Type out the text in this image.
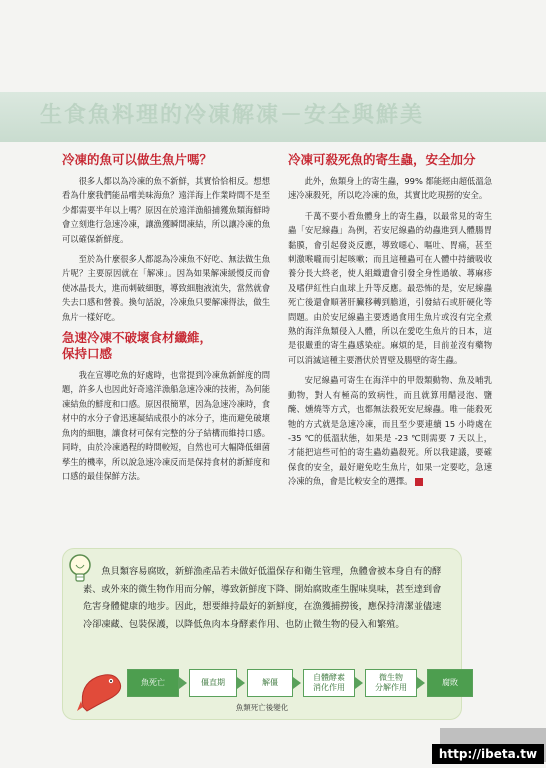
生食魚料理的冷凍解凍－安全與鮮美
冷凍的魚可以做生魚片嗎？

很多人都以為冷凍的魚不新鮮，其實恰恰相反。想想看為什麼我們能品嚐美味海魚？遠洋海上作業時間不是至少都需要半年以上嗎？原因在於遠洋漁船捕獲魚類海鮮時會立刻進行急速冷凍，讓漁獲瞬間凍結，所以讓冷凍的魚可以確保新鮮度。

至於為什麼很多人都認為冷凍魚不好吃、無法做生魚片呢？主要原因就在「解凍」。因為如果解凍緩慢反而會使冰晶長大，進而刺破細胞，導致細胞液流失，當然就會失去口感和營養。換句話說，冷凍魚只要解凍得法，做生魚片一樣好吃。

急速冷凍不破壞食材纖維，
保持口感

我在宣導吃魚的好處時，也常提到冷凍魚新鮮度的問題，許多人也因此好奇遠洋漁船急速冷凍的技術，為何能凍結魚的鮮度和口感。原因很簡單，因為急速冷凍時，食材中的水分子會迅速凝結成很小的冰分子，進而避免破壞魚肉的細胞，讓食材可保有完整的分子結構而維持口感。同時，由於冷凍過程的時間較短，自然也可大幅降低細菌孳生的機率，所以說急速冷凍反而是保持食材的新鮮度和口感的最佳保鮮方法。

冷凍可殺死魚的寄生蟲，安全加分

此外，魚類身上的寄生蟲，99% 都能經由超低溫急速冷凍殺死，所以吃冷凍的魚，其實比吃現撈的安全。

千萬不要小看魚體身上的寄生蟲，以最常見的寄生蟲「安尼線蟲」為例，若安尼線蟲的幼蟲進到人體腸胃黏膜，會引起發炎反應，導致噁心、嘔吐、胃痛，甚至刺激喉嚨而引起咳嗽；而且這種蟲可在人體中持續吸收養分長大終老，使人組織遺會引發全身性過敏、蕁麻疹及嗜伊紅性白血球上升等反應。最恐怖的是，安尼線蟲死亡後還會順著肝臟移轉到膽道，引發結石或肝硬化等問題。由於安尼線蟲主要透過食用生魚片或沒有完全煮熟的海洋魚類侵入人體，所以在愛吃生魚片的日本，這是很嚴重的寄生蟲感染症。麻煩的是，目前並沒有藥物可以消滅這種主要潛伏於胃壁及腸壁的寄生蟲。

安尼線蟲可寄生在海洋中的甲殼類動物、魚及哺乳動物，對人有極高的致病性，而且就算用醋浸泡、鹽醃、燻燒等方式，也都無法殺死安尼線蟲。唯一能殺死牠的方式就是急速冷凍，而且至少要連續 15 小時處在 -35 ℃的低溫狀態，如果是 -23 ℃則需要 7 天以上，才能把這些可怕的寄生蟲幼蟲殺死。所以我建議，要確保食的安全，最好避免吃生魚片，如果一定要吃，急速冷凍的魚，會是比較安全的選擇。

魚貝類容易腐敗，新鮮漁產品若未做好低溫保存和衛生管理，魚體會被本身自有的酵素、或外來的微生物作用而分解，導致新鮮度下降、開始腐敗產生腥味臭味，甚至達到會危害身體健康的地步。因此，想要維持最好的新鮮度，在漁獲捕撈後，應保持清潔並儘速冷卻凍藏、包裝保護，以降低魚肉本身酵素作用、也防止微生物的侵入和繁殖。
魚死亡	僵直期	解僵
自體酵素
消化作用
微生物
分解作用
腐敗
魚類死亡後變化
http://ibeta.tw
